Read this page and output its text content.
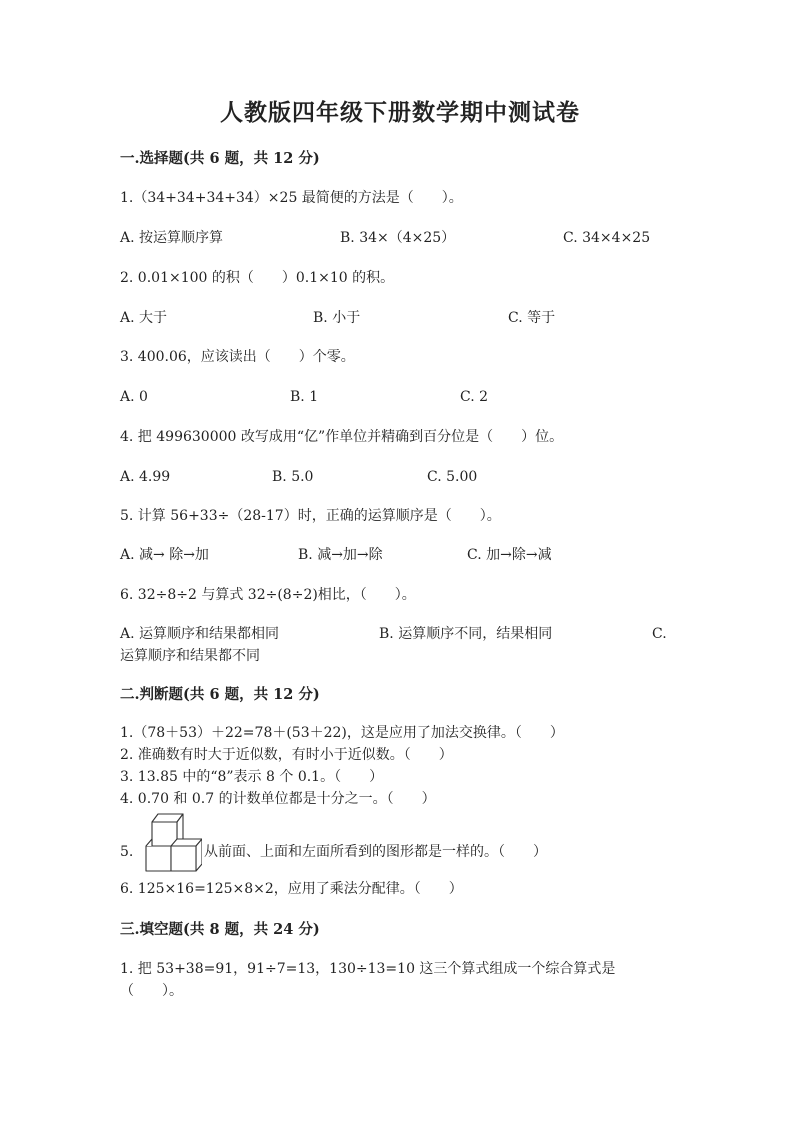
人教版四年级下册数学期中测试卷
一.选择题(共 6 题，共 12 分)
1.（34+34+34+34）×25 最简便的方法是（　　）。
A. 按运算顺序算	B. 34×（4×25）	C. 34×4×25
2. 0.01×100 的积（　　）0.1×10 的积。
A. 大于	B. 小于	C. 等于
3. 400.06，应该读出（　　）个零。
A. 0	B. 1	C. 2
4. 把 499630000 改写成用“亿”作单位并精确到百分位是（　　）位。
A. 4.99	B. 5.0	C. 5.00
5. 计算 56+33÷（28-17）时，正确的运算顺序是（　　）。
A. 减→ 除→加	B. 减→加→除	C. 加→除→减
6. 32÷8÷2 与算式 32÷(8÷2)相比，（　　）。
A. 运算顺序和结果都相同	B. 运算顺序不同，结果相同	C.
运算顺序和结果都不同
二.判断题(共 6 题，共 12 分)
1.（78＋53）＋22=78＋(53＋22)，这是应用了加法交换律。（　　）
2. 准确数有时大于近似数，有时小于近似数。（　　）
3. 13.85 中的“8”表示 8 个 0.1。（　　）
4. 0.70 和 0.7 的计数单位都是十分之一。（　　）
5.	从前面、上面和左面所看到的图形都是一样的。（　　）
6. 125×16=125×8×2，应用了乘法分配律。（　　）
三.填空题(共 8 题，共 24 分)
1. 把 53+38=91，91÷7=13，130÷13=10 这三个算式组成一个综合算式是
（　　）。
